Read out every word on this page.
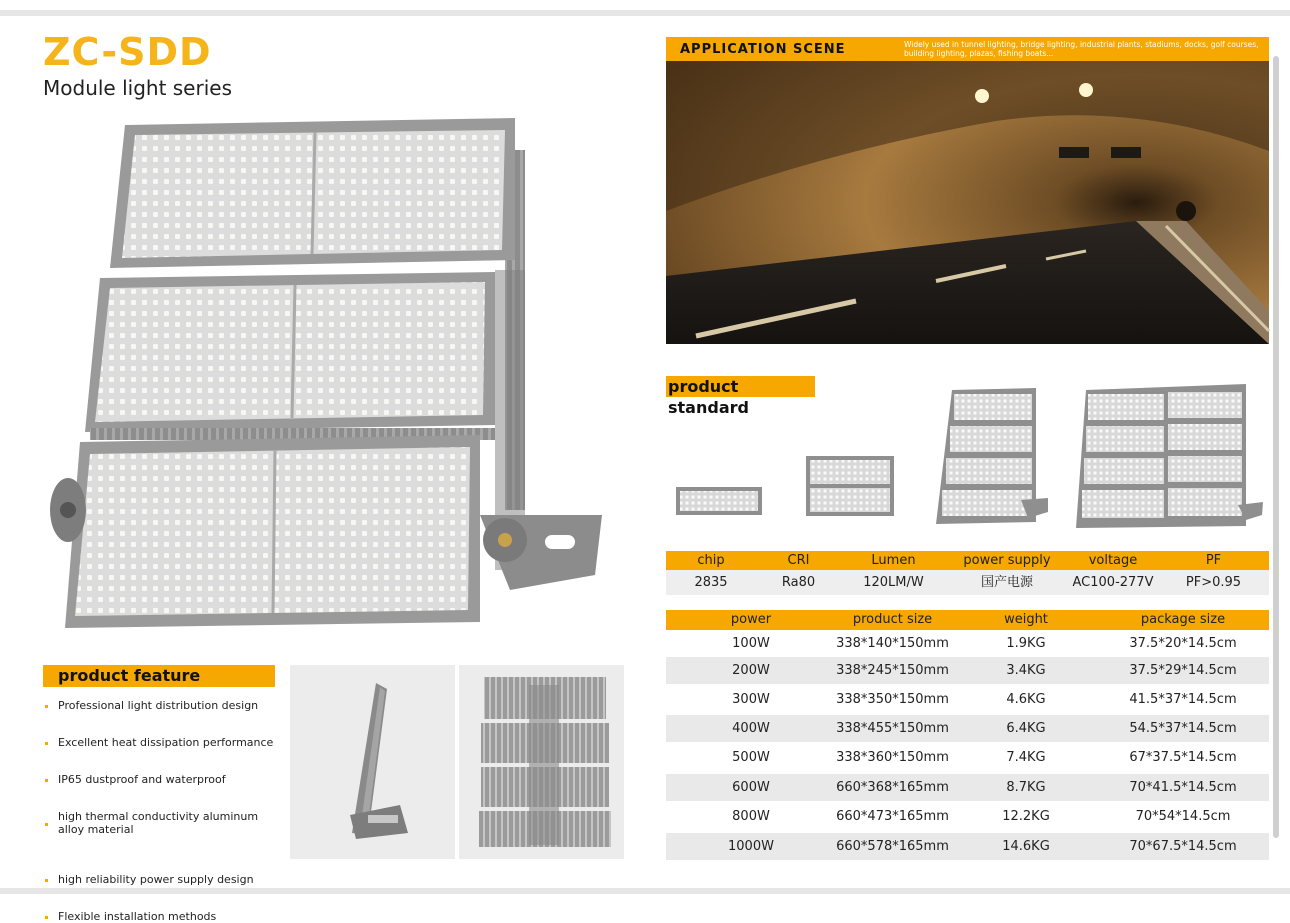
ZC-SDD
Module light series
product feature
Professional light distribution design
Excellent heat dissipation performance
IP65 dustproof and waterproof
high thermal conductivity aluminum alloy material
high reliability power supply design
Flexible installation methods
APPLICATION SCENE	Widely used in tunnel lighting, bridge lighting, industrial plants, stadiums, docks, golf courses, building lighting, plazas, fishing boats...
product standard
chip	CRI	Lumen	power supply	voltage	PF
2835	Ra80	120LM/W	国产电源	AC100-277V	PF>0.95
power	product size	weight	package size
100W	338*140*150mm	1.9KG	37.5*20*14.5cm
200W	338*245*150mm	3.4KG	37.5*29*14.5cm
300W	338*350*150mm	4.6KG	41.5*37*14.5cm
400W	338*455*150mm	6.4KG	54.5*37*14.5cm
500W	338*360*150mm	7.4KG	67*37.5*14.5cm
600W	660*368*165mm	8.7KG	70*41.5*14.5cm
800W	660*473*165mm	12.2KG	70*54*14.5cm
1000W	660*578*165mm	14.6KG	70*67.5*14.5cm
